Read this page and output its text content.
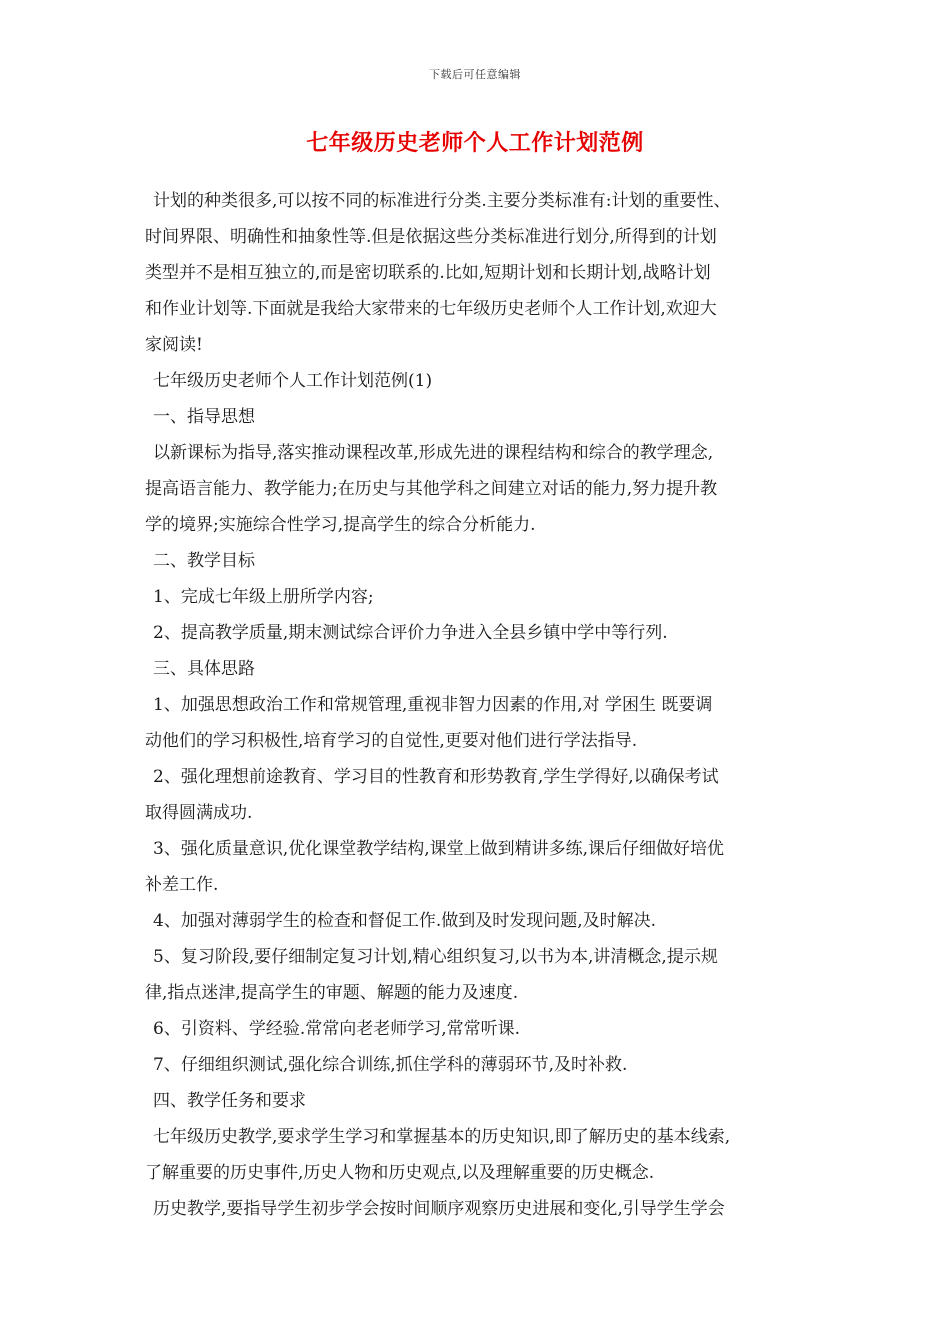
下载后可任意编辑
七年级历史老师个人工作计划范例

计划的种类很多,可以按不同的标准进行分类.主要分类标准有:计划的重要性、

时间界限、明确性和抽象性等.但是依据这些分类标准进行划分,所得到的计划

类型并不是相互独立的,而是密切联系的.比如,短期计划和长期计划,战略计划

和作业计划等.下面就是我给大家带来的七年级历史老师个人工作计划,欢迎大

家阅读!

七年级历史老师个人工作计划范例(1)

一、指导思想

以新课标为指导,落实推动课程改革,形成先进的课程结构和综合的教学理念,

提高语言能力、教学能力;在历史与其他学科之间建立对话的能力,努力提升教

学的境界;实施综合性学习,提高学生的综合分析能力.

二、教学目标

1、完成七年级上册所学内容;

2、提高教学质量,期末测试综合评价力争进入全县乡镇中学中等行列.

三、具体思路

1、加强思想政治工作和常规管理,重视非智力因素的作用,对 学困生 既要调

动他们的学习积极性,培育学习的自觉性,更要对他们进行学法指导.

2、强化理想前途教育、学习目的性教育和形势教育,学生学得好,以确保考试

取得圆满成功.

3、强化质量意识,优化课堂教学结构,课堂上做到精讲多练,课后仔细做好培优

补差工作.

4、加强对薄弱学生的检查和督促工作.做到及时发现问题,及时解决.

5、复习阶段,要仔细制定复习计划,精心组织复习,以书为本,讲清概念,提示规

律,指点迷津,提高学生的审题、解题的能力及速度.

6、引资料、学经验.常常向老老师学习,常常听课.

7、仔细组织测试,强化综合训练,抓住学科的薄弱环节,及时补救.

四、教学任务和要求

七年级历史教学,要求学生学习和掌握基本的历史知识,即了解历史的基本线索,

了解重要的历史事件,历史人物和历史观点,以及理解重要的历史概念.

历史教学,要指导学生初步学会按时间顺序观察历史进展和变化,引导学生学会
